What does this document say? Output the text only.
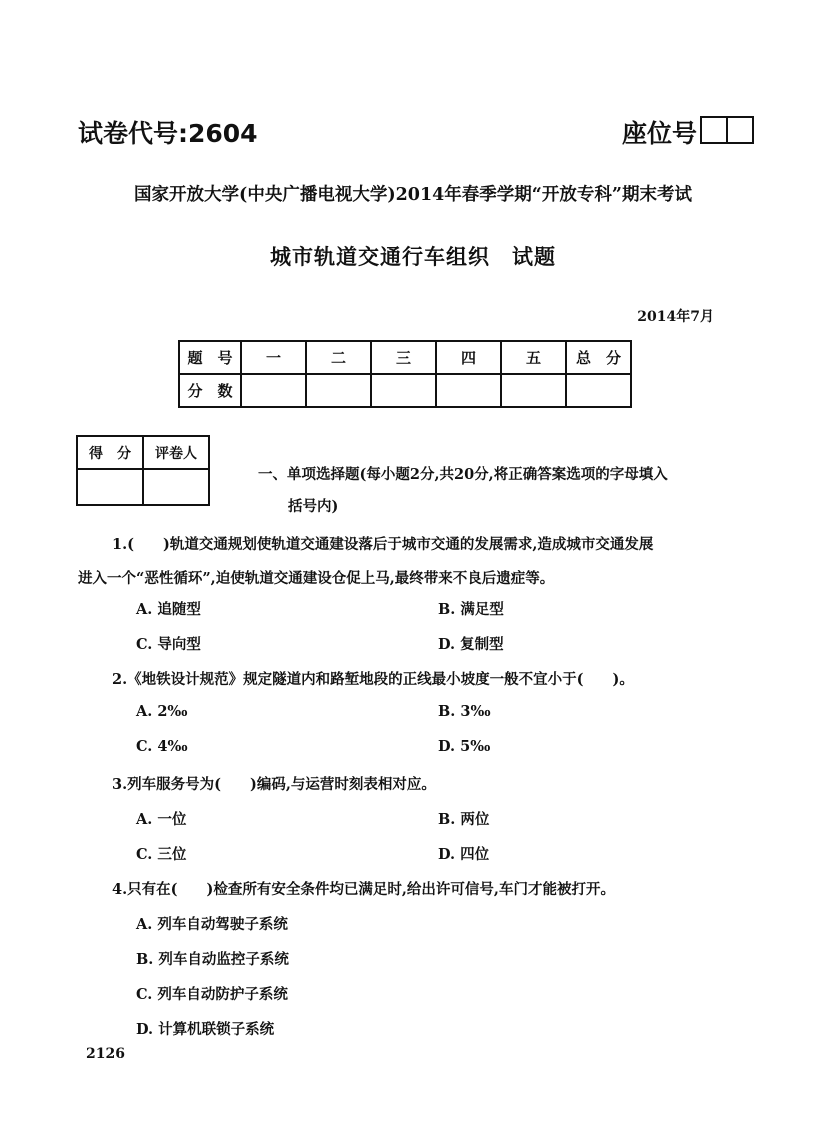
试卷代号:2604	座位号
国家开放大学(中央广播电视大学)2014年春季学期“开放专科”期末考试
城市轨道交通行车组织　试题
2014年7月
题　号	一	二	三	四	五	总　分
分　数						
得　分	评卷人

一、单项选择题(每小题2分,共20分,将正确答案选项的字母填入
括号内)
1.(　　)轨道交通规划使轨道交通建设落后于城市交通的发展需求,造成城市交通发展
进入一个“恶性循环”,迫使轨道交通建设仓促上马,最终带来不良后遗症等。
A. 追随型	B. 满足型
C. 导向型	D. 复制型
2.《地铁设计规范》规定隧道内和路堑地段的正线最小坡度一般不宜小于(　　)。
A. 2‰	B. 3‰
C. 4‰	D. 5‰
3.列车服务号为(　　)编码,与运营时刻表相对应。
A. 一位	B. 两位
C. 三位	D. 四位
4.只有在(　　)检查所有安全条件均已满足时,给出许可信号,车门才能被打开。
A. 列车自动驾驶子系统
B. 列车自动监控子系统
C. 列车自动防护子系统
D. 计算机联锁子系统
2126
